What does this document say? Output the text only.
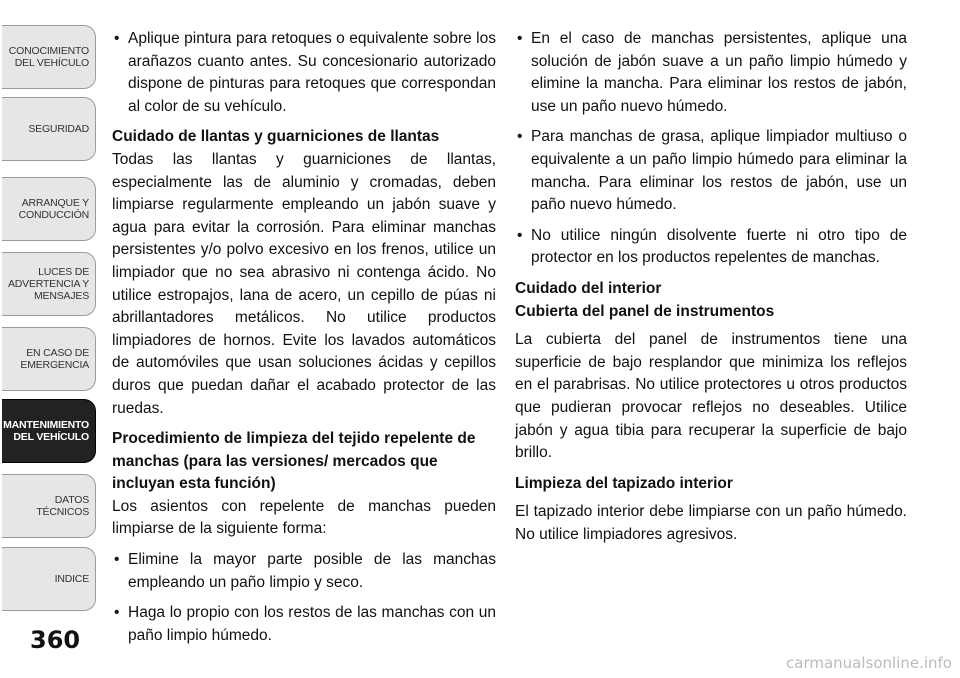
CONOCIMIENTO
DEL VEHÍCULO
SEGURIDAD
ARRANQUE Y
CONDUCCIÓN
LUCES DE
ADVERTENCIA Y
MENSAJES
EN CASO DE
EMERGENCIA
MANTENIMIENTO
DEL VEHÍCULO
DATOS
TÉCNICOS
INDICE
360
• Aplique pintura para retoques o equivalente sobre los arañazos cuanto antes. Su concesionario autorizado dispone de pinturas para retoques que correspondan al color de su vehículo.
Cuidado de llantas y guarniciones de llantas

Todas las llantas y guarniciones de llantas, especialmente las de aluminio y cromadas, deben limpiarse regularmente empleando un jabón suave y agua para evitar la corrosión. Para eliminar manchas persistentes y/o polvo excesivo en los frenos, utilice un limpiador que no sea abrasivo ni contenga ácido. No utilice estropajos, lana de acero, un cepillo de púas ni abrillantadores metálicos. No utilice productos limpiadores de hornos. Evite los lavados automáticos de automóviles que usan soluciones ácidas y cepillos duros que puedan dañar el acabado protector de las ruedas.

Procedimiento de limpieza del tejido repelente de manchas (para las versiones/ mercados que incluyan esta función)

Los asientos con repelente de manchas pueden limpiarse de la siguiente forma:

• Elimine la mayor parte posible de las manchas empleando un paño limpio y seco.
• Haga lo propio con los restos de las manchas con un paño limpio húmedo.
• En el caso de manchas persistentes, aplique una solución de jabón suave a un paño limpio húmedo y elimine la mancha. Para eliminar los restos de jabón, use un paño nuevo húmedo.
• Para manchas de grasa, aplique limpiador multiuso o equivalente a un paño limpio húmedo para eliminar la mancha. Para eliminar los restos de jabón, use un paño nuevo húmedo.
• No utilice ningún disolvente fuerte ni otro tipo de protector en los productos repelentes de manchas.
Cuidado del interior
Cubierta del panel de instrumentos

La cubierta del panel de instrumentos tiene una superficie de bajo resplandor que minimiza los reflejos en el parabrisas. No utilice protectores u otros productos que pudieran provocar reflejos no deseables. Utilice jabón y agua tibia para recuperar la superficie de bajo brillo.

Limpieza del tapizado interior

El tapizado interior debe limpiarse con un paño húmedo. No utilice limpiadores agresivos.

carmanualsonline.info
